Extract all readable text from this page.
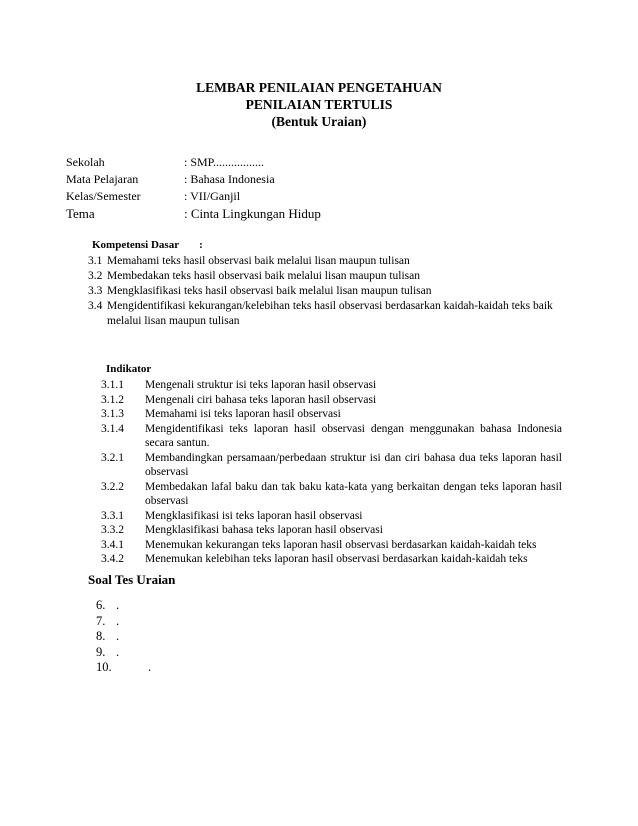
LEMBAR PENILAIAN PENGETAHUAN
PENILAIAN TERTULIS
(Bentuk Uraian)
Sekolah	: SMP.................
Mata Pelajaran	: Bahasa Indonesia
Kelas/Semester	: VII/Ganjil
Tema	: Cinta Lingkungan Hidup
Kompetensi Dasar :
3.1 Memahami teks hasil observasi baik melalui lisan maupun tulisan
3.2 Membedakan teks hasil observasi baik melalui lisan maupun tulisan
3.3 Mengklasifikasi teks hasil observasi baik melalui lisan maupun tulisan
3.4 Mengidentifikasi kekurangan/kelebihan teks hasil observasi berdasarkan kaidah-kaidah teks baik
melalui lisan maupun tulisan
Indikator
3.1.1	Mengenali struktur isi teks laporan hasil observasi
3.1.2	Mengenali ciri bahasa teks laporan hasil observasi
3.1.3	Memahami isi teks laporan hasil observasi
3.1.4	Mengidentifikasi teks laporan hasil observasi dengan menggunakan bahasa Indonesia secara santun.
3.2.1	Membandingkan persamaan/perbedaan struktur isi dan ciri bahasa dua teks laporan hasil observasi
3.2.2	Membedakan lafal baku dan tak baku kata-kata yang berkaitan dengan teks laporan hasil observasi
3.3.1	Mengklasifikasi isi teks laporan hasil observasi
3.3.2	Mengklasifikasi bahasa teks laporan hasil observasi
3.4.1	Menemukan kekurangan teks laporan hasil observasi berdasarkan kaidah-kaidah teks
3.4.2	Menemukan kelebihan teks laporan hasil observasi berdasarkan kaidah-kaidah teks
Soal Tes Uraian
6. .
7. .
8. .
9. .
10.	.
